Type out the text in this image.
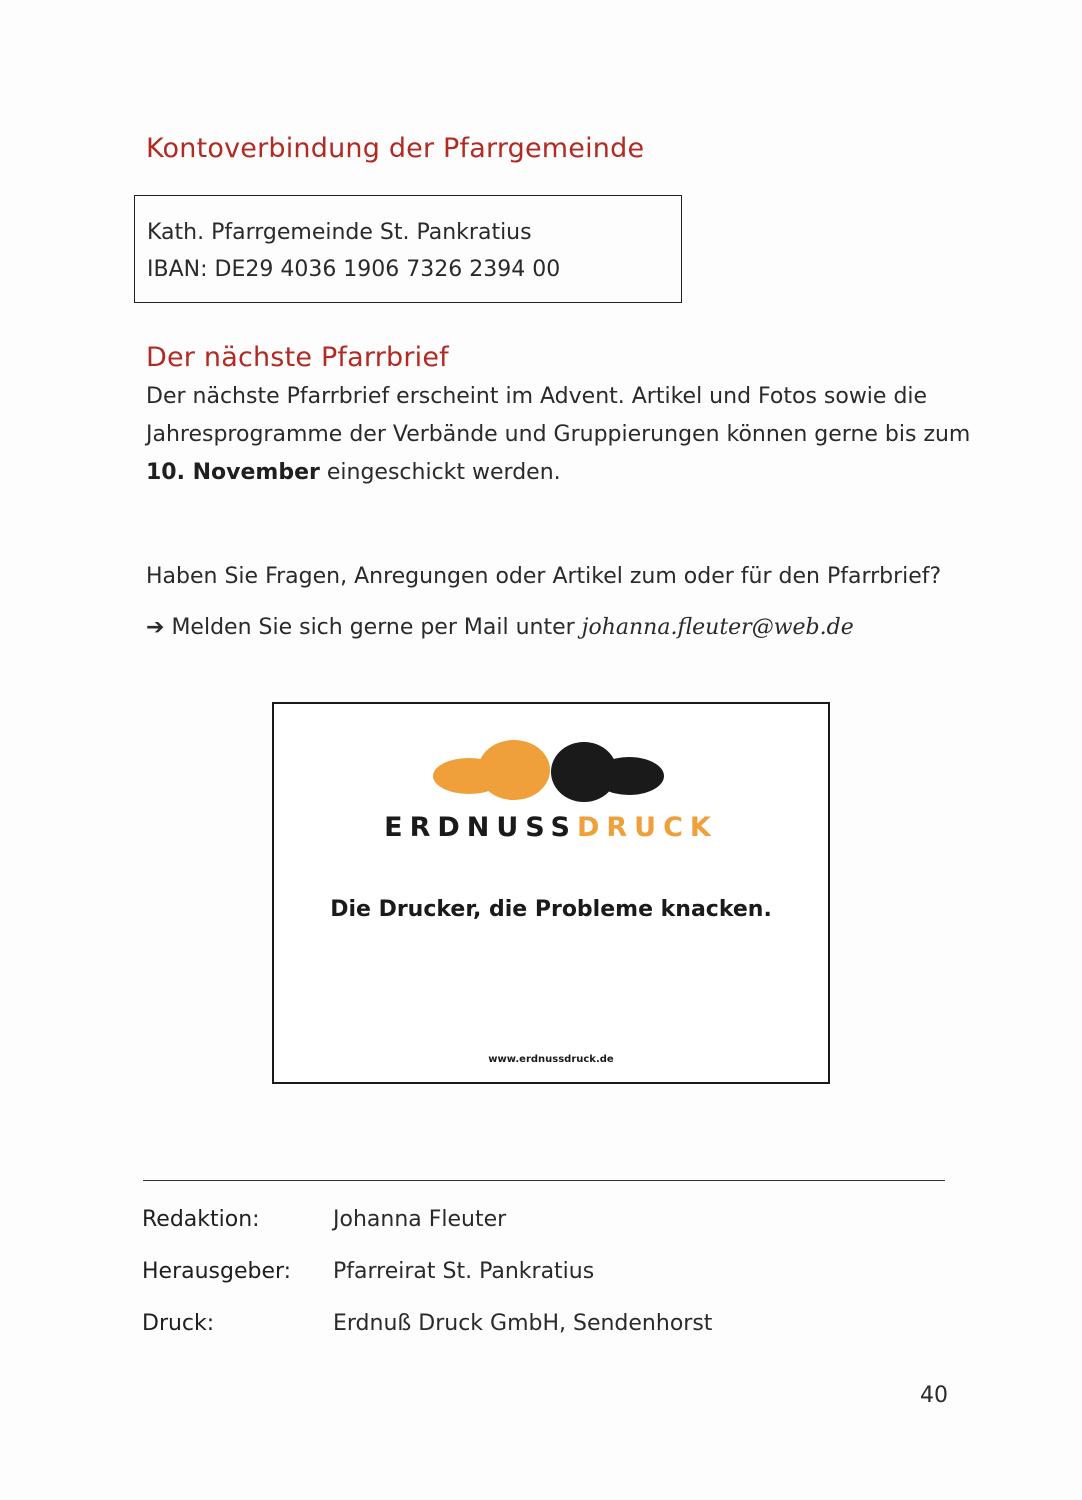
Kontoverbindung der Pfarrgemeinde
Kath. Pfarrgemeinde St. Pankratius
IBAN: DE29 4036 1906 7326 2394 00
Der nächste Pfarrbrief

Der nächste Pfarrbrief erscheint im Advent. Artikel und Fotos sowie die Jahresprogramme der Verbände und Gruppierungen können gerne bis zum 10. November eingeschickt werden.

Haben Sie Fragen, Anregungen oder Artikel zum oder für den Pfarrbrief?

➔ Melden Sie sich gerne per Mail unter johanna.fleuter@web.de

ERDNUSSDRUCK
Die Drucker, die Probleme knacken.
www.erdnussdruck.de
Redaktion:	Johanna Fleuter
Herausgeber: Pfarreirat St. Pankratius
Druck:	Erdnuß Druck GmbH, Sendenhorst
40
